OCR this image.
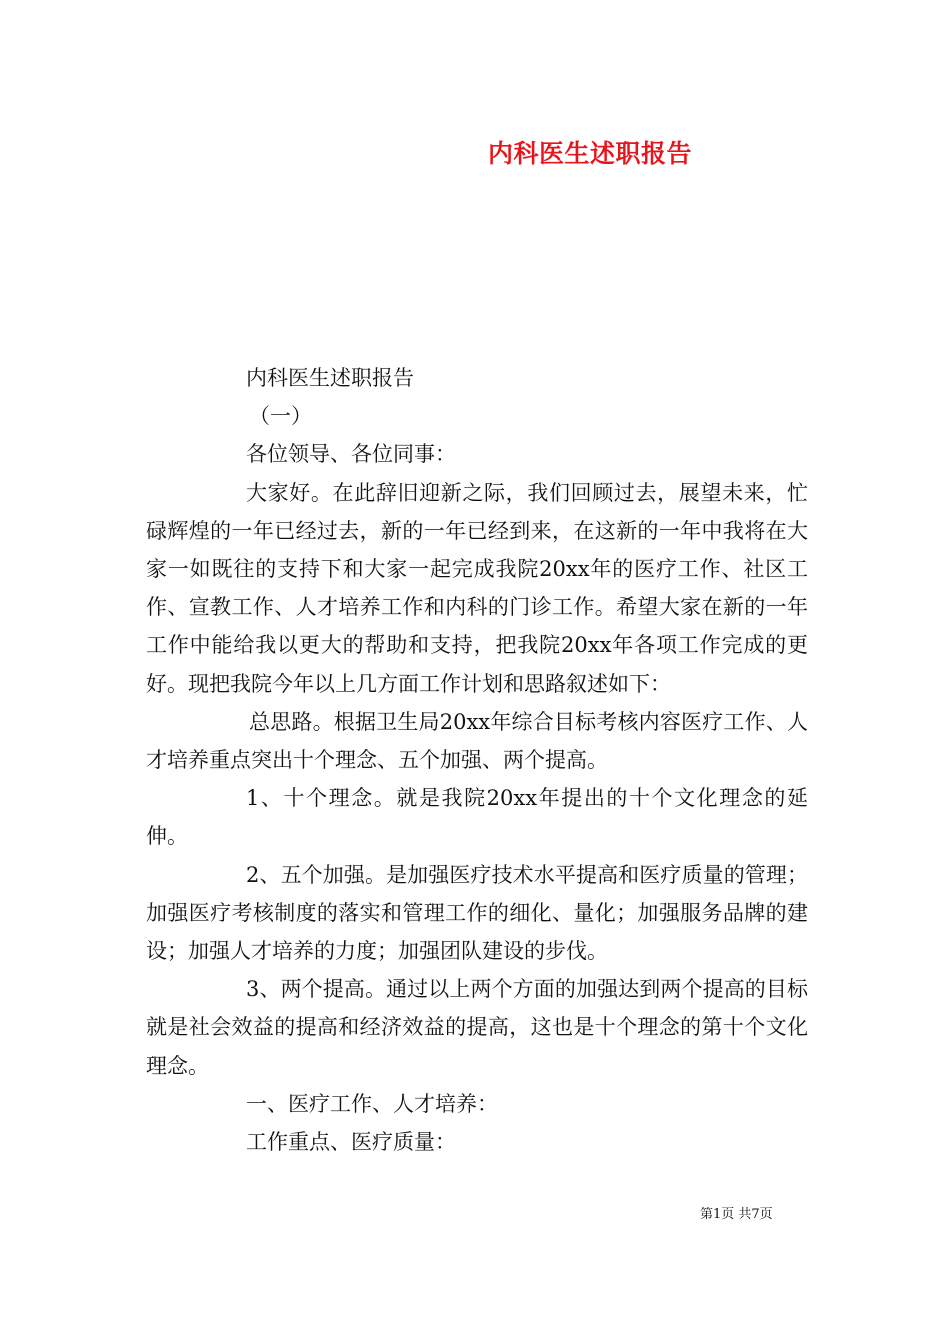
内科医生述职报告

内科医生述职报告

（一）

各位领导、各位同事：

大家好。在此辞旧迎新之际，我们回顾过去，展望未来，忙碌辉煌的一年已经过去，新的一年已经到来，在这新的一年中我将在大家一如既往的支持下和大家一起完成我院20xx年的医疗工作、社区工作、宣教工作、人才培养工作和内科的门诊工作。希望大家在新的一年工作中能给我以更大的帮助和支持，把我院20xx年各项工作完成的更好。现把我院今年以上几方面工作计划和思路叙述如下：

总思路。根据卫生局20xx年综合目标考核内容医疗工作、人才培养重点突出十个理念、五个加强、两个提高。

1、十个理念。就是我院20xx年提出的十个文化理念的延伸。

2、五个加强。是加强医疗技术水平提高和医疗质量的管理；加强医疗考核制度的落实和管理工作的细化、量化；加强服务品牌的建设；加强人才培养的力度；加强团队建设的步伐。

3、两个提高。通过以上两个方面的加强达到两个提高的目标就是社会效益的提高和经济效益的提高，这也是十个理念的第十个文化理念。

一、医疗工作、人才培养：

工作重点、医疗质量：

第1页 共7页
